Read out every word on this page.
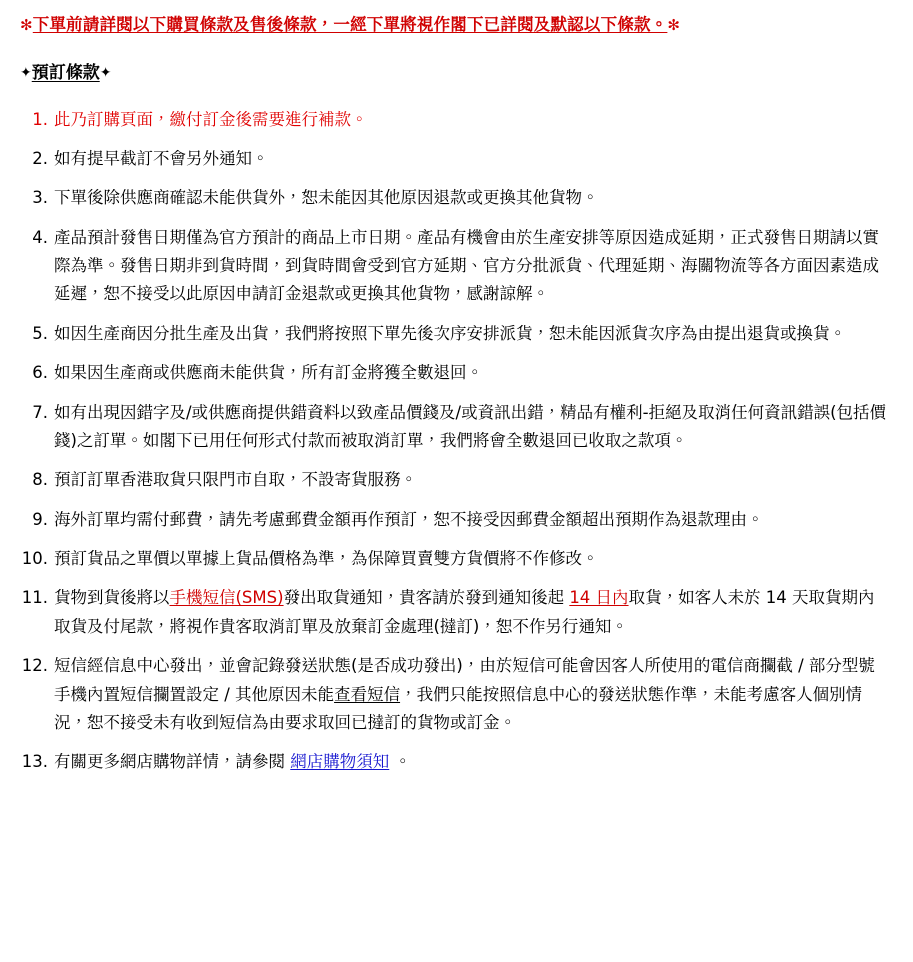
✻下單前請詳閱以下購買條款及售後條款，一經下單將視作閣下已詳閱及默認以下條款。✻
✦預訂條款✦
此乃訂購頁面，繳付訂金後需要進行補款。
如有提早截訂不會另外通知。
下單後除供應商確認未能供貨外，恕未能因其他原因退款或更換其他貨物。
產品預計發售日期僅為官方預計的商品上市日期。產品有機會由於生產安排等原因造成延期，正式發售日期請以實際為準。發售日期非到貨時間，到貨時間會受到官方延期、官方分批派貨、代理延期、海關物流等各方面因素造成延遲，恕不接受以此原因申請訂金退款或更換其他貨物，感謝諒解。
如因生產商因分批生產及出貨，我們將按照下單先後次序安排派貨，恕未能因派貨次序為由提出退貨或換貨。
如果因生產商或供應商未能供貨，所有訂金將獲全數退回。
如有出現因錯字及/或供應商提供錯資料以致產品價錢及/或資訊出錯，精品有權利-拒絕及取消任何資訊錯誤(包括價錢)之訂單。如閣下已用任何形式付款而被取消訂單，我們將會全數退回已收取之款項。
預訂訂單香港取貨只限門市自取，不設寄貨服務。
海外訂單均需付郵費，請先考慮郵費金額再作預訂，恕不接受因郵費金額超出預期作為退款理由。
預訂貨品之單價以單據上貨品價格為準，為保障買賣雙方貨價將不作修改。
貨物到貨後將以手機短信(SMS)發出取貨通知，貴客請於發到通知後起 14 日內取貨，如客人未於 14 天取貨期內取貨及付尾款，將視作貴客取消訂單及放棄訂金處理(撻訂)，恕不作另行通知。
短信經信息中心發出，並會記錄發送狀態(是否成功發出)，由於短信可能會因客人所使用的電信商攔截 / 部分型號手機內置短信攔置設定 / 其他原因未能查看短信，我們只能按照信息中心的發送狀態作準，未能考慮客人個別情況，恕不接受未有收到短信為由要求取回已撻訂的貨物或訂金。
有關更多網店購物詳情，請參閱 網店購物須知 。
